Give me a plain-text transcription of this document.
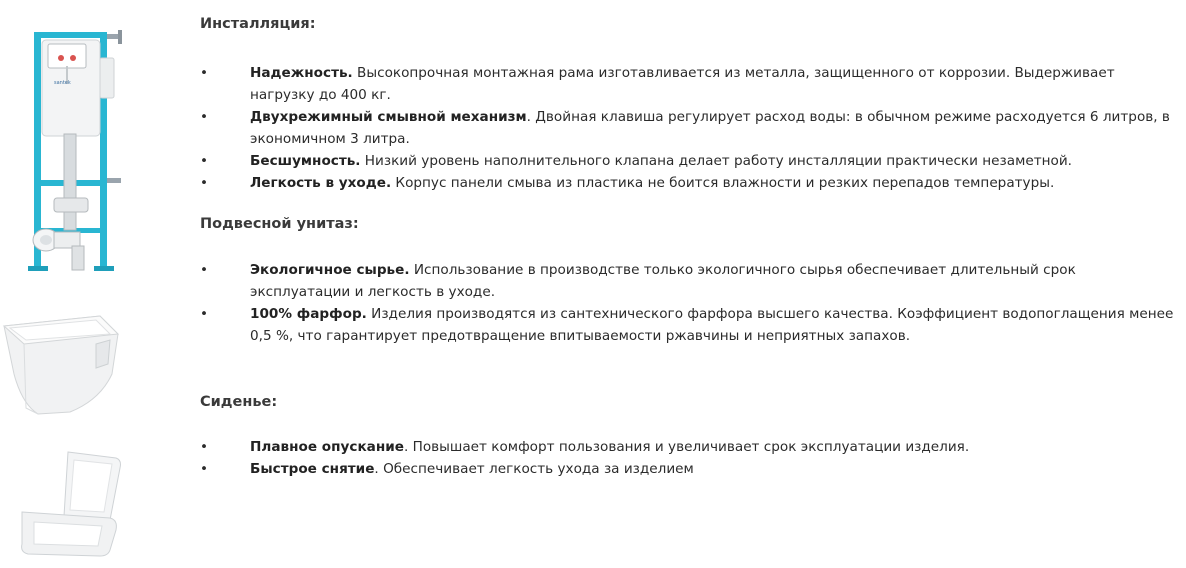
santek
Инсталляция:
•	Надежность. Высокопрочная монтажная рама изготавливается из металла, защищенного от коррозии. Выдерживает нагрузку до 400 кг.
•	Двухрежимный смывной механизм. Двойная клавиша регулирует расход воды: в обычном режиме расходуется 6 литров, в экономичном 3 литра.
•	Бесшумность. Низкий уровень наполнительного клапана делает работу инсталляции практически незаметной.
•	Легкость в уходе. Корпус панели смыва из пластика не боится влажности и резких перепадов температуры.
Подвесной унитаз:
•	Экологичное сырье. Использование в производстве только экологичного сырья обеспечивает длительный срок эксплуатации и легкость в уходе.
•	100% фарфор. Изделия производятся из сантехнического фарфора высшего качества. Коэффициент водопоглащения менее 0,5 %, что гарантирует предотвращение впитываемости ржавчины и неприятных запахов.
Сиденье:
•	Плавное опускание. Повышает комфорт пользования и увеличивает срок эксплуатации изделия.
•	Быстрое снятие. Обеспечивает легкость ухода за изделием
